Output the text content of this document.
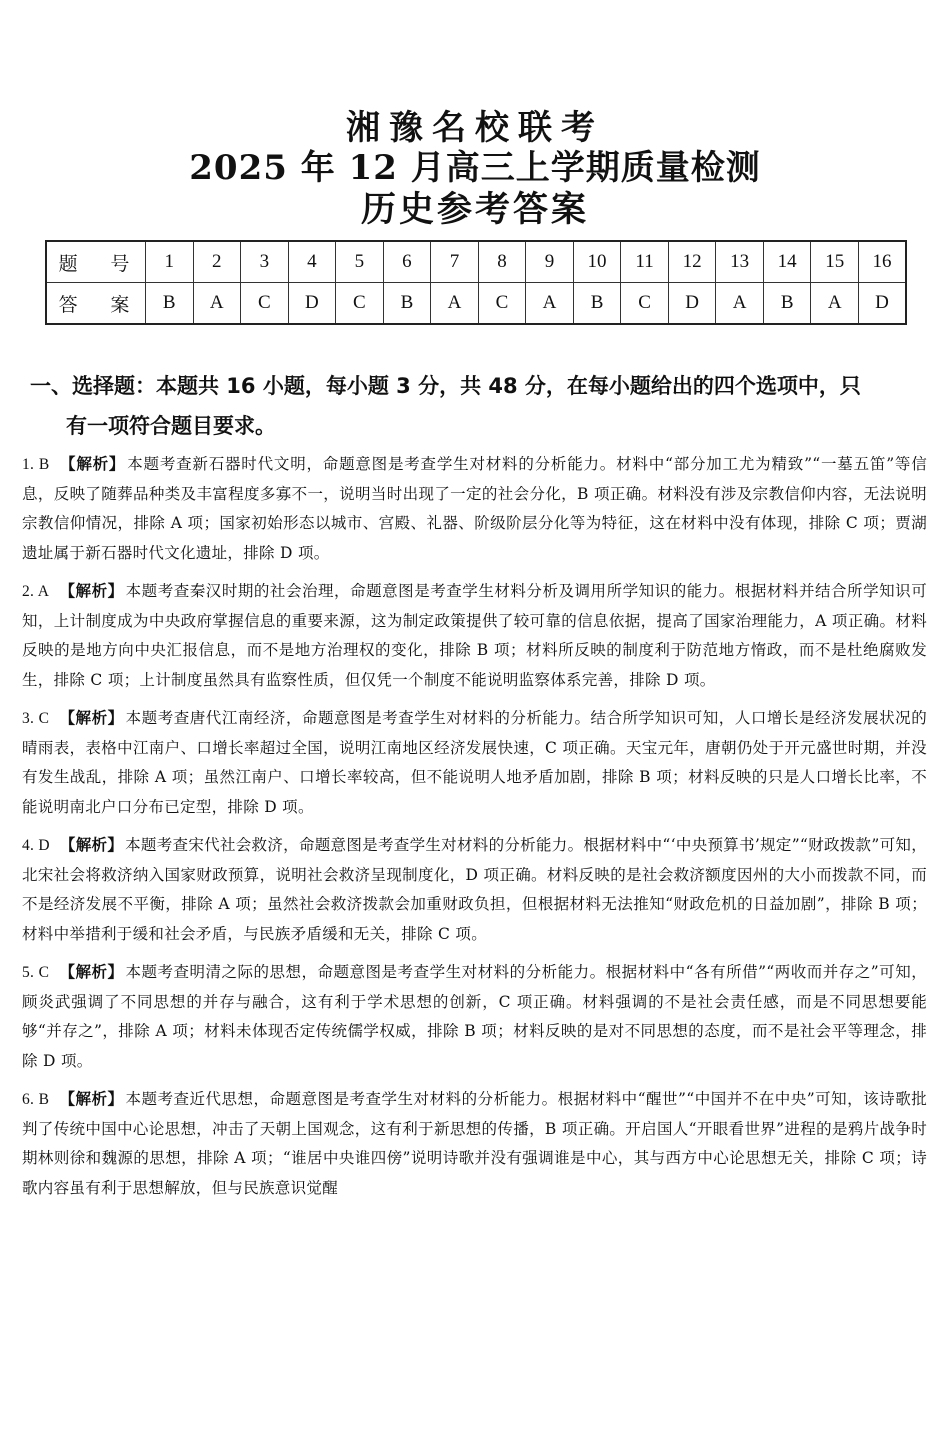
湘豫名校联考
2025 年 12 月高三上学期质量检测
历史参考答案
题 号	1	2	3	4	5	6	7	8	9	10	11	12	13	14	15	16
答 案	B	A	C	D	C	B	A	C	A	B	C	D	A	B	A	D
一、选择题：本题共 16 小题，每小题 3 分，共 48 分，在每小题给出的四个选项中，只
有一项符合题目要求。
1. B 【解析】 本题考查新石器时代文明，命题意图是考查学生对材料的分析能力。材料中“部分加工尤为精致”“一墓五笛”等信息，反映了随葬品种类及丰富程度多寡不一，说明当时出现了一定的社会分化，B 项正确。材料没有涉及宗教信仰内容，无法说明宗教信仰情况，排除 A 项；国家初始形态以城市、宫殿、礼器、阶级阶层分化等为特征，这在材料中没有体现，排除 C 项；贾湖遗址属于新石器时代文化遗址，排除 D 项。
2. A 【解析】 本题考查秦汉时期的社会治理，命题意图是考查学生材料分析及调用所学知识的能力。根据材料并结合所学知识可知，上计制度成为中央政府掌握信息的重要来源，这为制定政策提供了较可靠的信息依据，提高了国家治理能力，A 项正确。材料反映的是地方向中央汇报信息，而不是地方治理权的变化，排除 B 项；材料所反映的制度利于防范地方惰政，而不是杜绝腐败发生，排除 C 项；上计制度虽然具有监察性质，但仅凭一个制度不能说明监察体系完善，排除 D 项。
3. C 【解析】 本题考查唐代江南经济，命题意图是考查学生对材料的分析能力。结合所学知识可知，人口增长是经济发展状况的晴雨表，表格中江南户、口增长率超过全国，说明江南地区经济发展快速，C 项正确。天宝元年，唐朝仍处于开元盛世时期，并没有发生战乱，排除 A 项；虽然江南户、口增长率较高，但不能说明人地矛盾加剧，排除 B 项；材料反映的只是人口增长比率，不能说明南北户口分布已定型，排除 D 项。
4. D 【解析】 本题考查宋代社会救济，命题意图是考查学生对材料的分析能力。根据材料中“‘中央预算书’规定”“财政拨款”可知，北宋社会将救济纳入国家财政预算，说明社会救济呈现制度化，D 项正确。材料反映的是社会救济额度因州的大小而拨款不同，而不是经济发展不平衡，排除 A 项；虽然社会救济拨款会加重财政负担，但根据材料无法推知“财政危机的日益加剧”，排除 B 项；材料中举措利于缓和社会矛盾，与民族矛盾缓和无关，排除 C 项。
5. C 【解析】 本题考查明清之际的思想，命题意图是考查学生对材料的分析能力。根据材料中“各有所借”“两收而并存之”可知，顾炎武强调了不同思想的并存与融合，这有利于学术思想的创新，C 项正确。材料强调的不是社会责任感，而是不同思想要能够“并存之”，排除 A 项；材料未体现否定传统儒学权威，排除 B 项；材料反映的是对不同思想的态度，而不是社会平等理念，排除 D 项。
6. B 【解析】 本题考查近代思想，命题意图是考查学生对材料的分析能力。根据材料中“醒世”“中国并不在中央”可知，该诗歌批判了传统中国中心论思想，冲击了天朝上国观念，这有利于新思想的传播，B 项正确。开启国人“开眼看世界”进程的是鸦片战争时期林则徐和魏源的思想，排除 A 项；“谁居中央谁四傍”说明诗歌并没有强调谁是中心，其与西方中心论思想无关，排除 C 项；诗歌内容虽有利于思想解放，但与民族意识觉醒
